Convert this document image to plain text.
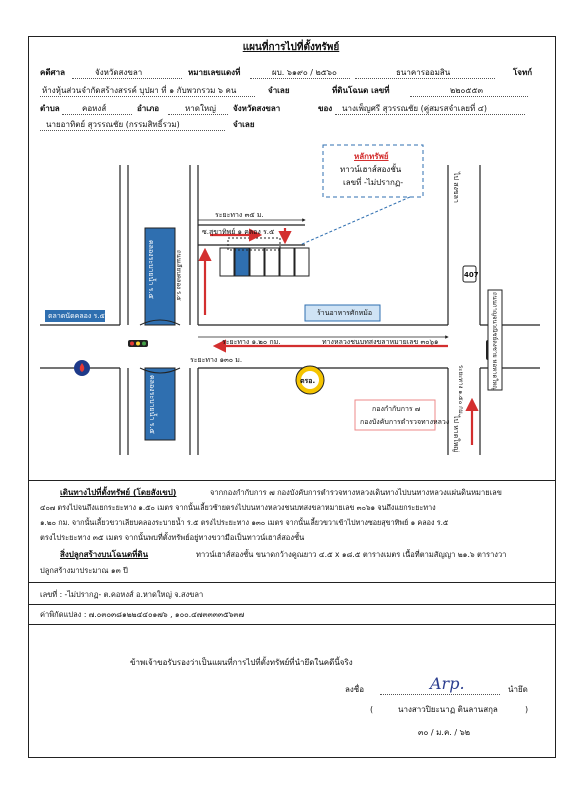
แผนที่การไปที่ตั้งทรัพย์
คดีศาล	จังหวัดสงขลา	หมายเลขแดงที่	ผบ. ๖๑๙๐ / ๒๕๖๐	ธนาคารออมสิน	โจทก์
ห้างหุ้นส่วนจำกัดสร้างสรรค์ บุปผา ที่ ๑ กับพวกรวม ๖ คน	จำเลย	ที่ดินโฉนด เลขที่	๒๒๐๕๕๓
ตำบล	คอหงส์	อำเภอ	หาดใหญ่ จังหวัดสงขลา	ของ นางเพ็ญศรี สุวรรณชัย (คู่สมรสจำเลยที่ ๔)
นายอาทิตย์ สุวรรณชัย (กรรมสิทธิ์รวม)	จำเลย
หลักทรัพย์
ทาวน์เฮาส์สองชั้น
เลขที่ -ไม่ปรากฏ-	ไป สงขลา
ไป หาดใหญ่
407
ระยะทาง ๓๕ ม.
ซ.สุขาทิพย์ ๑ คลอง ร.๕
คลองระบายน้ำ ร.๕
คลองระบายน้ำ ร.๕
ถนนเลียบคลอง ร.๕
ตลาดนัดคลอง ร.๕	ร้านอาหารศักหม้อ
ระยะทาง ๑.๒๐ กม.	ทางหลวงชนบทสงขลาหมายเลข ๓๐๖๑
ระยะทาง ๑๓๐ ม.
ตรอ.
กองกำกับการ ๗
กองบังคับการตำรวจทางหลวง
ระยะทาง ๑.๕๐ กม.	ถนนกาญจนวณิชย์ลงชาย หอหาดใหญ่
เดินทางไปที่ตั้งทรัพย์ (โดยสังเขป)	จากกองกำกับการ ๗ กองบังคับการตำรวจทางหลวงเดินทางไปบนทางหลวงแผ่นดินหมายเลข
๔๐๗ ตรงไปจนถึงแยกระยะทาง ๑.๕๐ เมตร จากนั้นเลี้ยวซ้ายตรงไปบนทางหลวงชนบทสงขลาหมายเลข ๓๐๖๑ จนถึงแยกระยะทาง
๑.๒๐ กม. จากนั้นเลี้ยวขวาเลียบคลองระบายน้ำ ร.๕ ตรงไประยะทาง ๑๓๐ เมตร จากนั้นเลี้ยวขวาเข้าไปทางซอยสุขาทิพย์ ๑ คลอง ร.๕
ตรงไประยะทาง ๓๕ เมตร จากนั้นพบที่ตั้งทรัพย์อยู่ทางขวามือเป็นทาวน์เฮาส์สองชั้น
สิ่งปลูกสร้างบนโฉนดที่ดิน	ทาวน์เฮาส์สองชั้น ขนาดกว้างคูณยาว ๔.๕ x ๑๘.๕ ตารางเมตร เนื้อที่ตามสัญญา ๒๑.๖ ตารางวา
ปลูกสร้างมาประมาณ ๑๓ ปี
เลขที่ : -ไม่ปรากฏ- ต.คอหงส์ อ.หาดใหญ่ จ.สงขลา
ค่าพิกัดแปลง : ๗.๐๓๐๓๘๑๒๒๔๔๐๑๗๖ , ๑๐๐.๔๗๓๓๓๓๕๖๓๗
ข้าพเจ้าขอรับรองว่าเป็นแผนที่การไปที่ตั้งทรัพย์ที่นำยึดในคดีนี้จริง
ลงชื่อ	Arp.	นำยึด
(	นางสาวปิยะนาฏ ตินลานสกุล	)
๓๐ / ม.ค. / ๖๒
